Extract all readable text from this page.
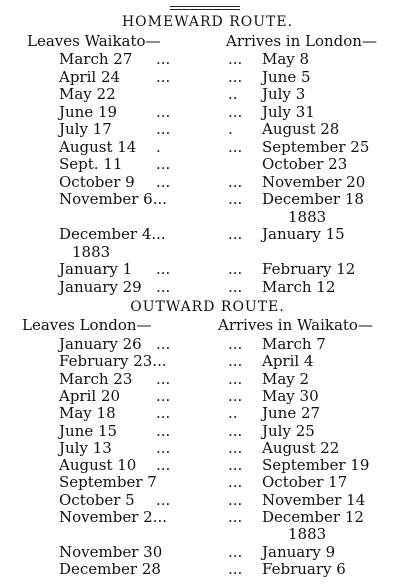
HOMEWARD ROUTE.
Leaves Waikato—	Arrives in London—
March 27 ...	... May 8
April 24 ...	... June 5
May 22	.. July 3
June 19	...	... July 31
July 17	...	. August 28
August 14 .	... September 25
Sept. 11 ...	October 23
October 9 ...	... November 20
November 6...	... December 18
1883
December 4...	... January 15
1883
January 1 ...	... February 12
January 29 ...	... March 12
OUTWARD ROUTE.
Leaves London—	Arrives in Waikato—
January 26 ...	... March 7
February 23...	... April 4
March 23 ...	... May 2
April 20 ...	... May 30
May 18	...	.. June 27
June 15	...	... July 25
July 13	...	... August 22
August 10 ...	... September 19
September 7	... October 17
October 5 ...	... November 14
November 2...	... December 12
1883
November 30	... January 9
December 28	... February 6
